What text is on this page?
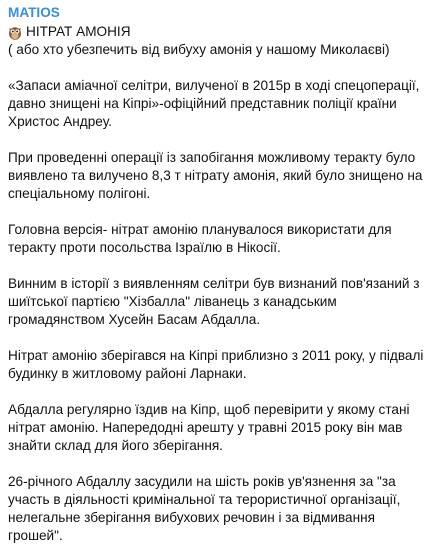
MATIOS
НІТРАТ АМОНІЯ
( або хто убезпечить від вибуху амонія у нашому Миколаєві)
«Запаси аміачної селітри, вилученої в 2015р в ході спецоперації, давно знищені на Кіпрі»-офіційний представник поліції країни Христос Андреу.
При проведенні операції із запобігання можливому теракту було виявлено та вилучено 8,3 т нітрату амонія, який було знищено на спеціальному полігоні.
Головна версія- нітрат амонію планувалося використати для теракту проти посольства Ізраїлю в Нікосії.
Винним в історії з виявленням селітри був визнаний пов'язаний з шиїтської партією "Хізбалла" ліванець з канадським громадянством Хусейн Басам Абдалла.
Нітрат амонію зберігався на Кіпрі приблизно з 2011 року, у підвалі будинку в житловому районі Ларнаки.
Абдалла регулярно їздив на Кіпр, щоб перевірити у якому стані нітрат амонію. Напередодні арешту у травні 2015 року він мав знайти склад для його зберігання.
26-річного Абдаллу засудили на шість років ув'язнення за "за участь в діяльності кримінальної та терористичної організації, нелегальне зберігання вибухових речовин і за відмивання грошей".
